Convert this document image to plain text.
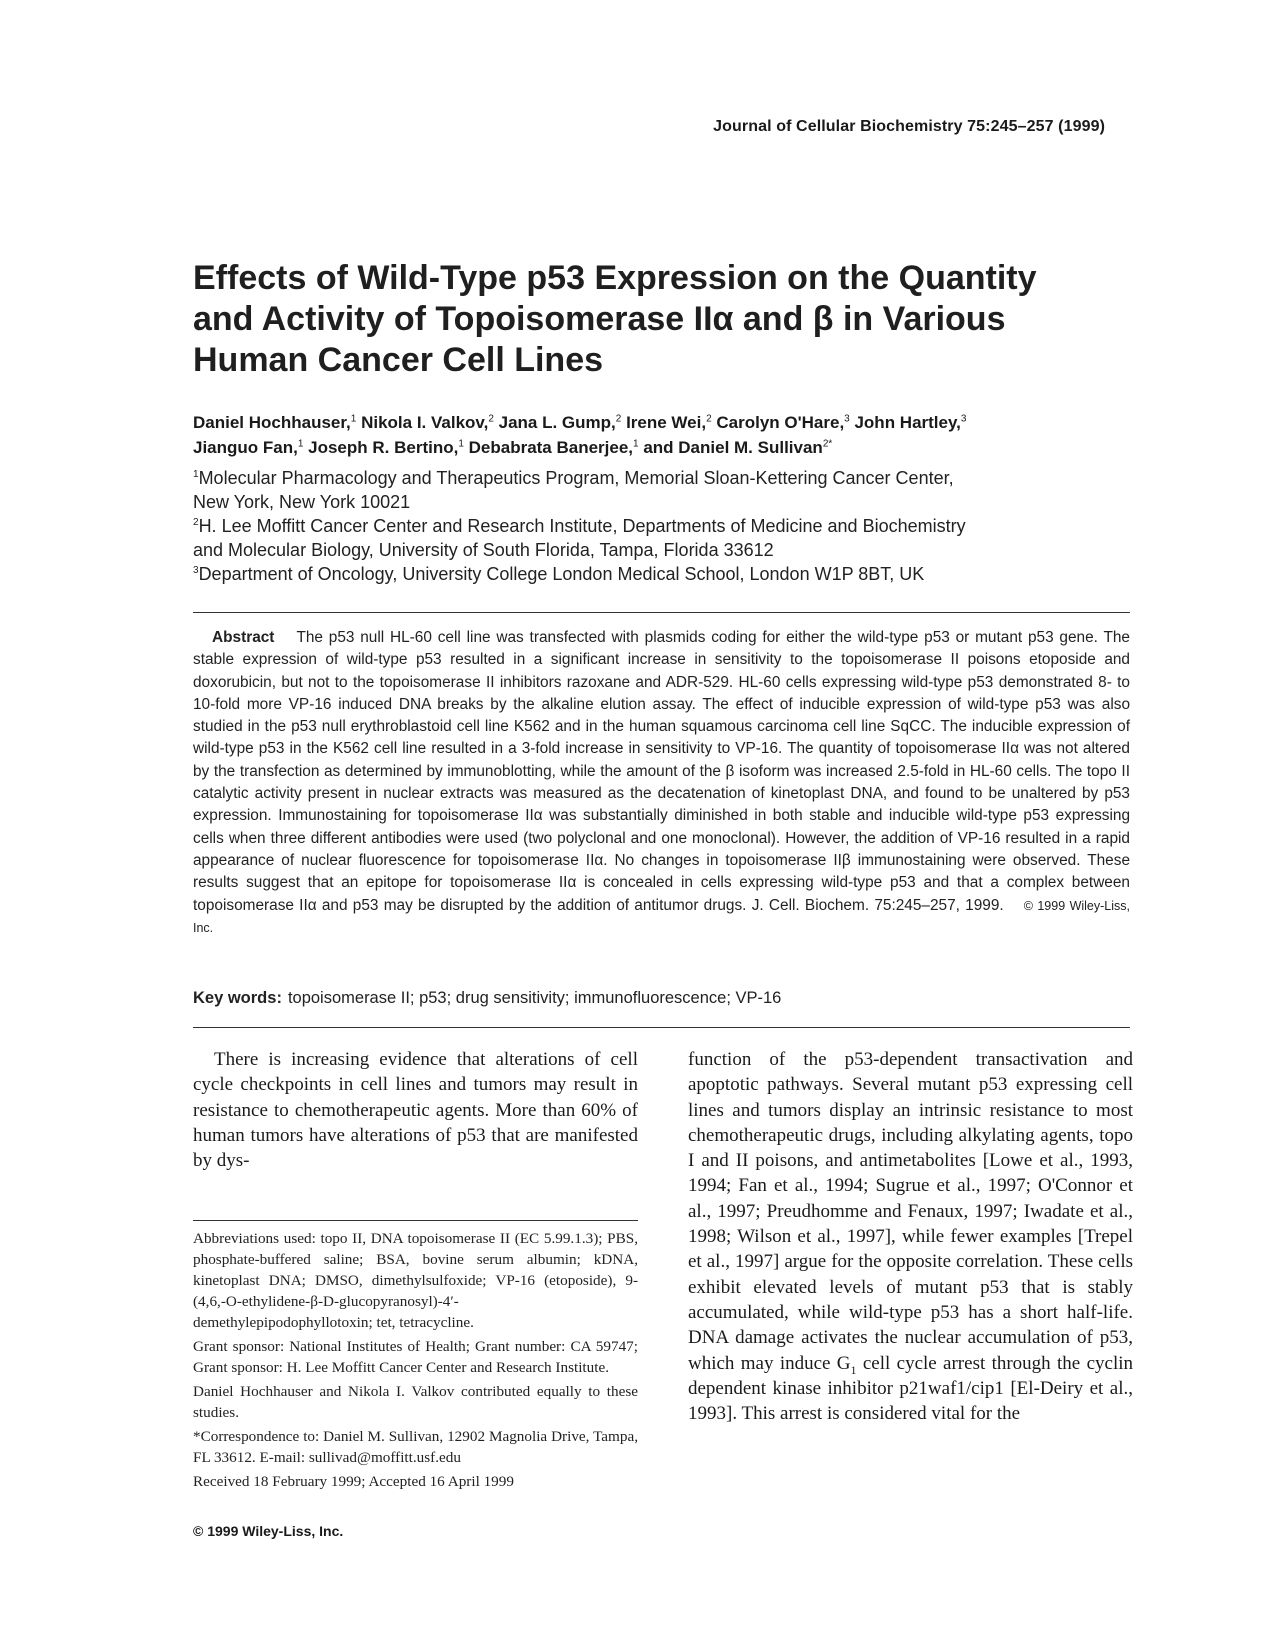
Journal of Cellular Biochemistry 75:245–257 (1999)
Effects of Wild-Type p53 Expression on the Quantity
and Activity of Topoisomerase IIα and β in Various
Human Cancer Cell Lines
Daniel Hochhauser,$^1$ Nikola I. Valkov,$^2$ Jana L. Gump,$^2$ Irene Wei,$^2$ Carolyn O'Hare,$^3$ John Hartley,$^3$
Jianguo Fan,$^1$ Joseph R. Bertino,$^1$ Debabrata Banerjee,$^1$ and Daniel M. Sullivan$^{2*}$
$^1$Molecular Pharmacology and Therapeutics Program, Memorial Sloan-Kettering Cancer Center,
New York, New York 10021
$^2$H. Lee Moffitt Cancer Center and Research Institute, Departments of Medicine and Biochemistry
and Molecular Biology, University of South Florida, Tampa, Florida 33612
$^3$Department of Oncology, University College London Medical School, London W1P 8BT, UK
Abstract The p53 null HL-60 cell line was transfected with plasmids coding for either the wild-type p53 or mutant p53 gene. The stable expression of wild-type p53 resulted in a significant increase in sensitivity to the topoisomerase II poisons etoposide and doxorubicin, but not to the topoisomerase II inhibitors razoxane and ADR-529. HL-60 cells expressing wild-type p53 demonstrated 8- to 10-fold more VP-16 induced DNA breaks by the alkaline elution assay. The effect of inducible expression of wild-type p53 was also studied in the p53 null erythroblastoid cell line K562 and in the human squamous carcinoma cell line SqCC. The inducible expression of wild-type p53 in the K562 cell line resulted in a 3-fold increase in sensitivity to VP-16. The quantity of topoisomerase IIα was not altered by the transfection as determined by immunoblotting, while the amount of the β isoform was increased 2.5-fold in HL-60 cells. The topo II catalytic activity present in nuclear extracts was measured as the decatenation of kinetoplast DNA, and found to be unaltered by p53 expression. Immunostaining for topoisomerase IIα was substantially diminished in both stable and inducible wild-type p53 expressing cells when three different antibodies were used (two polyclonal and one monoclonal). However, the addition of VP-16 resulted in a rapid appearance of nuclear fluorescence for topoisomerase IIα. No changes in topoisomerase IIβ immunostaining were observed. These results suggest that an epitope for topoisomerase IIα is concealed in cells expressing wild-type p53 and that a complex between topoisomerase IIα and p53 may be disrupted by the addition of antitumor drugs. J. Cell. Biochem. 75:245–257, 1999. © 1999 Wiley-Liss, Inc.
Key words: topoisomerase II; p53; drug sensitivity; immunofluorescence; VP-16

There is increasing evidence that alterations of cell cycle checkpoints in cell lines and tumors may result in resistance to chemotherapeutic agents. More than 60% of human tumors have alterations of p53 that are manifested by dys-

function of the p53-dependent transactivation and apoptotic pathways. Several mutant p53 expressing cell lines and tumors display an intrinsic resistance to most chemotherapeutic drugs, including alkylating agents, topo I and II poisons, and antimetabolites [Lowe et al., 1993, 1994; Fan et al., 1994; Sugrue et al., 1997; O'Connor et al., 1997; Preudhomme and Fenaux, 1997; Iwadate et al., 1998; Wilson et al., 1997], while fewer examples [Trepel et al., 1997] argue for the opposite correlation. These cells exhibit elevated levels of mutant p53 that is stably accumulated, while wild-type p53 has a short half-life. DNA damage activates the nuclear accumulation of p53, which may induce $G_1$ cell cycle arrest through the cyclin dependent kinase inhibitor p21waf1/cip1 [El-Deiry et al., 1993]. This arrest is considered vital for the

Abbreviations used: topo II, DNA topoisomerase II (EC 5.99.1.3); PBS, phosphate-buffered saline; BSA, bovine serum albumin; kDNA, kinetoplast DNA; DMSO, dimethylsulfoxide; VP-16 (etoposide), 9-(4,6,-O-ethylidene-β-D-glucopyranosyl)-4′-demethylepipodophyllotoxin; tet, tetracycline.

Grant sponsor: National Institutes of Health; Grant number: CA 59747; Grant sponsor: H. Lee Moffitt Cancer Center and Research Institute.

Daniel Hochhauser and Nikola I. Valkov contributed equally to these studies.

*Correspondence to: Daniel M. Sullivan, 12902 Magnolia Drive, Tampa, FL 33612. E-mail: sullivad@moffitt.usf.edu

Received 18 February 1999; Accepted 16 April 1999

© 1999 Wiley-Liss, Inc.
